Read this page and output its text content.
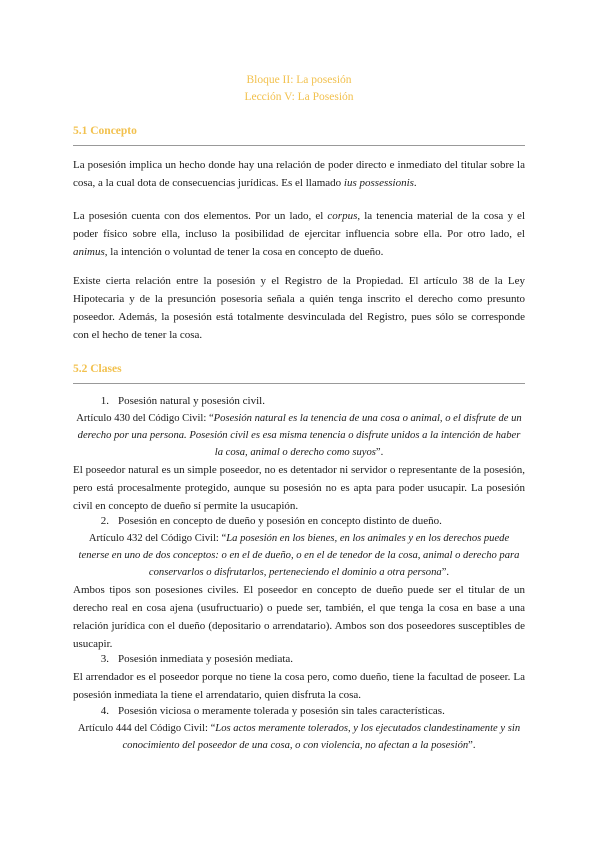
Bloque II: La posesión
Lección V: La Posesión
5.1 Concepto

La posesión implica un hecho donde hay una relación de poder directo e inmediato del titular sobre la cosa, a la cual dota de consecuencias jurídicas. Es el llamado ius possessionis.

La posesión cuenta con dos elementos. Por un lado, el corpus, la tenencia material de la cosa y el poder físico sobre ella, incluso la posibilidad de ejercitar influencia sobre ella. Por otro lado, el animus, la intención o voluntad de tener la cosa en concepto de dueño.

Existe cierta relación entre la posesión y el Registro de la Propiedad. El artículo 38 de la Ley Hipotecaria y de la presunción posesoria señala a quién tenga inscrito el derecho como presunto poseedor. Además, la posesión está totalmente desvinculada del Registro, pues sólo se corresponde con el hecho de tener la cosa.

5.2 Clases
1. Posesión natural y posesión civil.

Artículo 430 del Código Civil: “Posesión natural es la tenencia de una cosa o animal, o el disfrute de un derecho por una persona. Posesión civil es esa misma tenencia o disfrute unidos a la intención de haber la cosa, animal o derecho como suyos”.

El poseedor natural es un simple poseedor, no es detentador ni servidor o representante de la posesión, pero está procesalmente protegido, aunque su posesión no es apta para poder usucapir. La posesión civil en concepto de dueño sí permite la usucapión.

2. Posesión en concepto de dueño y posesión en concepto distinto de dueño.

Artículo 432 del Código Civil: “La posesión en los bienes, en los animales y en los derechos puede tenerse en uno de dos conceptos: o en el de dueño, o en el de tenedor de la cosa, animal o derecho para conservarlos o disfrutarlos, perteneciendo el dominio a otra persona”.

Ambos tipos son posesiones civiles. El poseedor en concepto de dueño puede ser el titular de un derecho real en cosa ajena (usufructuario) o puede ser, también, el que tenga la cosa en base a una relación jurídica con el dueño (depositario o arrendatario). Ambos son dos poseedores susceptibles de usucapir.

3. Posesión inmediata y posesión mediata.

El arrendador es el poseedor porque no tiene la cosa pero, como dueño, tiene la facultad de poseer. La posesión inmediata la tiene el arrendatario, quien disfruta la cosa.

4. Posesión viciosa o meramente tolerada y posesión sin tales características.

Artículo 444 del Código Civil: “Los actos meramente tolerados, y los ejecutados clandestinamente y sin conocimiento del poseedor de una cosa, o con violencia, no afectan a la posesión”.
